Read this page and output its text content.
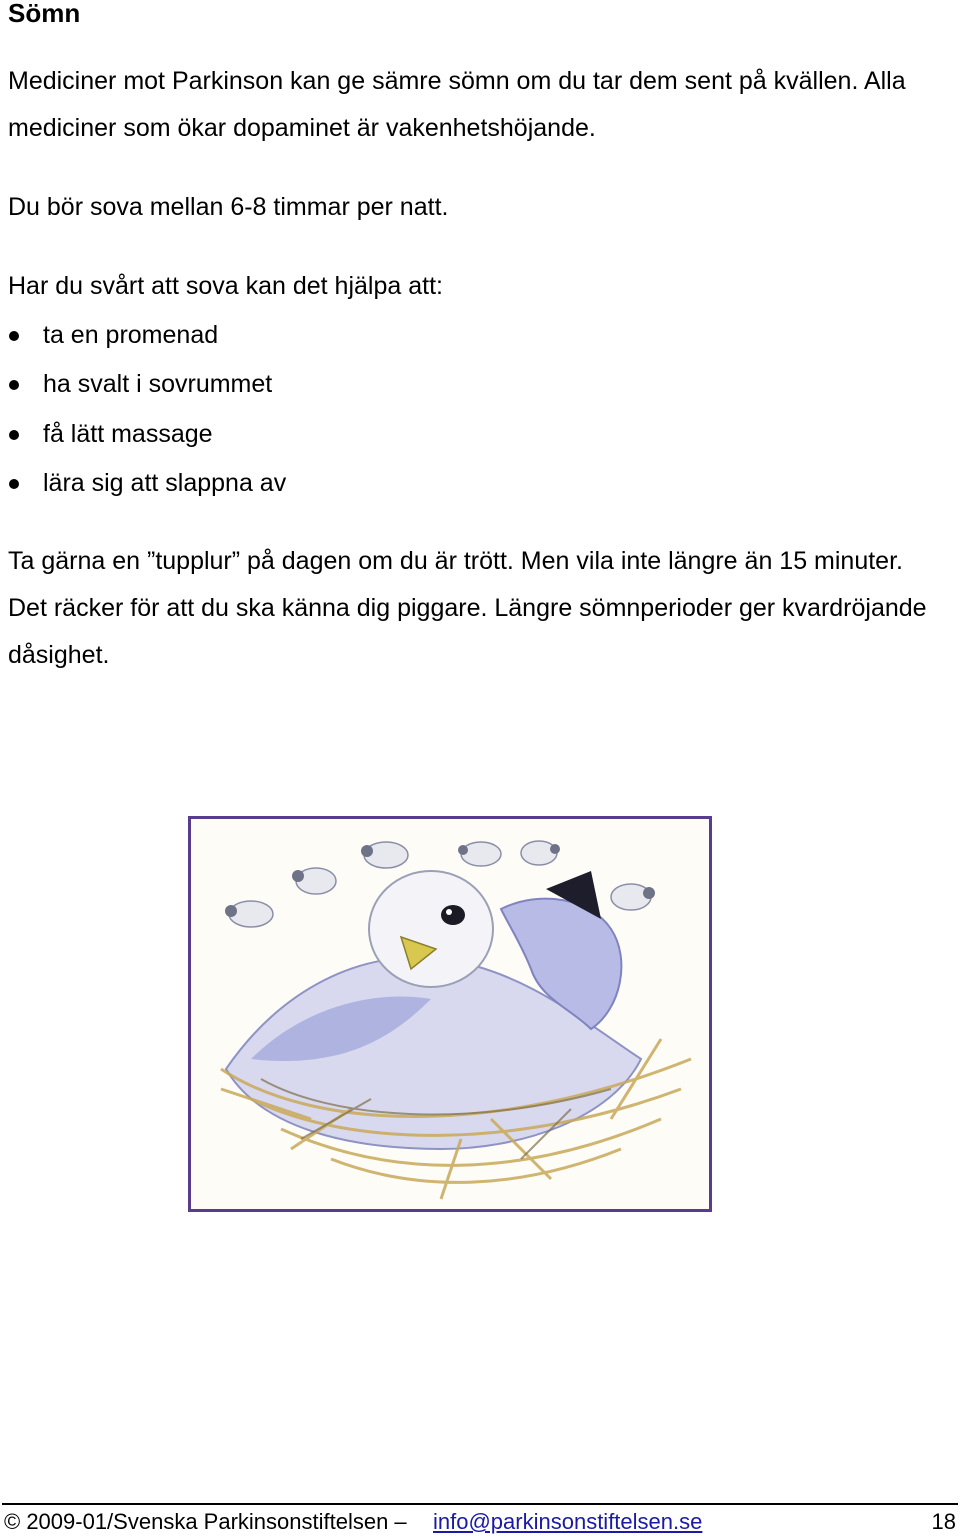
Sömn
Mediciner mot Parkinson kan ge sämre sömn om du tar dem sent på kvällen. Alla mediciner som ökar dopaminet är vakenhetshöjande.
Du bör sova mellan 6-8 timmar per natt.
Har du svårt att sova kan det hjälpa att:
ta en promenad
ha svalt i sovrummet
få lätt massage
lära sig att slappna av
Ta gärna en ”tupplur” på dagen om du är trött. Men vila inte längre än 15 minuter. Det räcker för att du ska känna dig piggare. Längre sömnperioder ger kvardröjande dåsighet.
© 2009-01/Svenska Parkinsonstiftelsen – info@parkinsonstiftelsen.se	18
